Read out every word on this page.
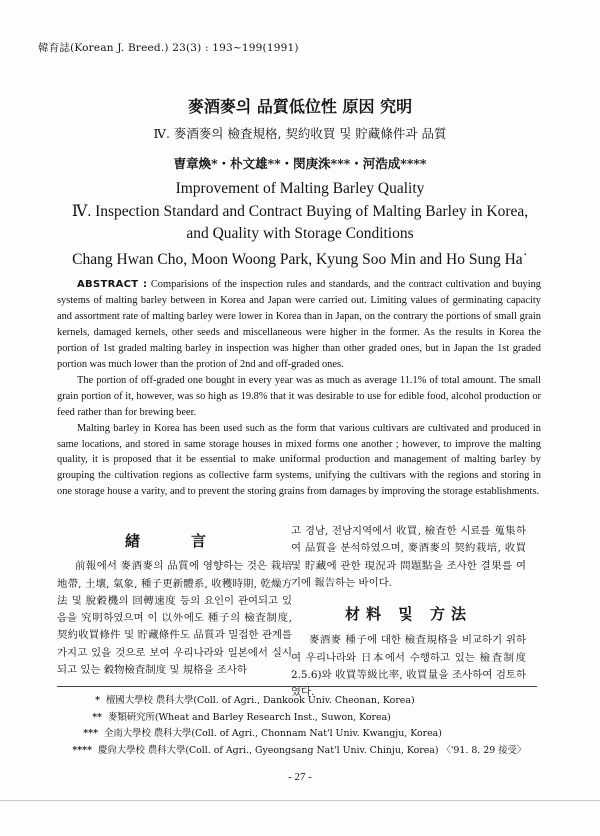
韓育誌(Korean J. Breed.) 23(3) : 193~199(1991)
麥酒麥의 品質低位性 原因 究明
Ⅳ. 麥酒麥의 檢査規格, 契約收買 및 貯藏條件과 品質
曺章煥*・朴文雄**・閔庚洙***・河浩成****
Improvement of Malting Barley Quality
Ⅳ. Inspection Standard and Contract Buying of Malting Barley in Korea,
and Quality with Storage Conditions
Chang Hwan Cho, Moon Woong Park, Kyung Soo Min and Ho Sung Ha˙

ABSTRACT : Comparisions of the inspection rules and standards, and the contract cultivation and buying systems of malting barley between in Korea and Japan were carried out. Limiting values of germinating capacity and assortment rate of malting barley were lower in Korea than in Japan, on the contrary the portions of small grain kernels, damaged kernels, other seeds and miscellaneous were higher in the former. As the results in Korea the portion of 1st graded malting barley in inspection was higher than other graded ones, but in Japan the 1st graded portion was much lower than the protion of 2nd and off-graded ones.

The portion of off-graded one bought in every year was as much as average 11.1% of total amount. The small grain portion of it, however, was so high as 19.8% that it was desirable to use for edible food, alcohol production or feed rather than for brewing beer.

Malting barley in Korea has been used such as the form that various cultivars are cultivated and produced in same locations, and stored in same storage houses in mixed forms one another ; however, to improve the malting quality, it is proposed that it be essential to make uniformal production and management of malting barley by grouping the cultivation regions as collective farm systems, unifying the cultivars with the regions and storing in one storage house a varity, and to prevent the storing grains from damages by improving the storage establishments.

緖　言

前報에서 麥酒麥의 品質에 영향하는 것은 栽培地帶, 土壤, 氣象, 種子更新體系, 收穫時期, 乾燥方法 및 脫穀機의 回轉速度 등의 요인이 관여되고 있음을 究明하였으며 이 以外에도 種子의 檢査制度, 契約收買條件 및 貯藏條件도 品質과 밀접한 관계를 가지고 있을 것으로 보여 우리나라와 일본에서 실시되고 있는 穀物檢査制度 및 規格을 조사하

고 경남, 전남지역에서 收買, 檢査한 시료를 蒐集하여 品質을 분석하였으며, 麥酒麥의 契約栽培, 收買 및 貯藏에 관한 現況과 問題點을 조사한 결果를 여기에 報告하는 바이다.

材料 및 方法

麥酒麥 種子에 대한 檢査規格을 비교하기 위하여 우리나라와 日本에서 수행하고 있는 檢査制度2.5.6)와 收買等級比率, 收買量을 조사하여 검토하였다.

* 檀國大學校 農科大學(Coll. of Agri., Dankook Univ. Cheonan, Korea)
** 麥類硏究所(Wheat and Barley Research Inst., Suwon, Korea)
*** 全南大學校 農科大學(Coll. of Agri., Chonnam Nat'l Univ. Kwangju, Korea)
**** 慶尙大學校 農科大學(Coll. of Agri., Gyeongsang Nat'l Univ. Chinju, Korea) 〈'91. 8. 29 接受〉
- 27 -
